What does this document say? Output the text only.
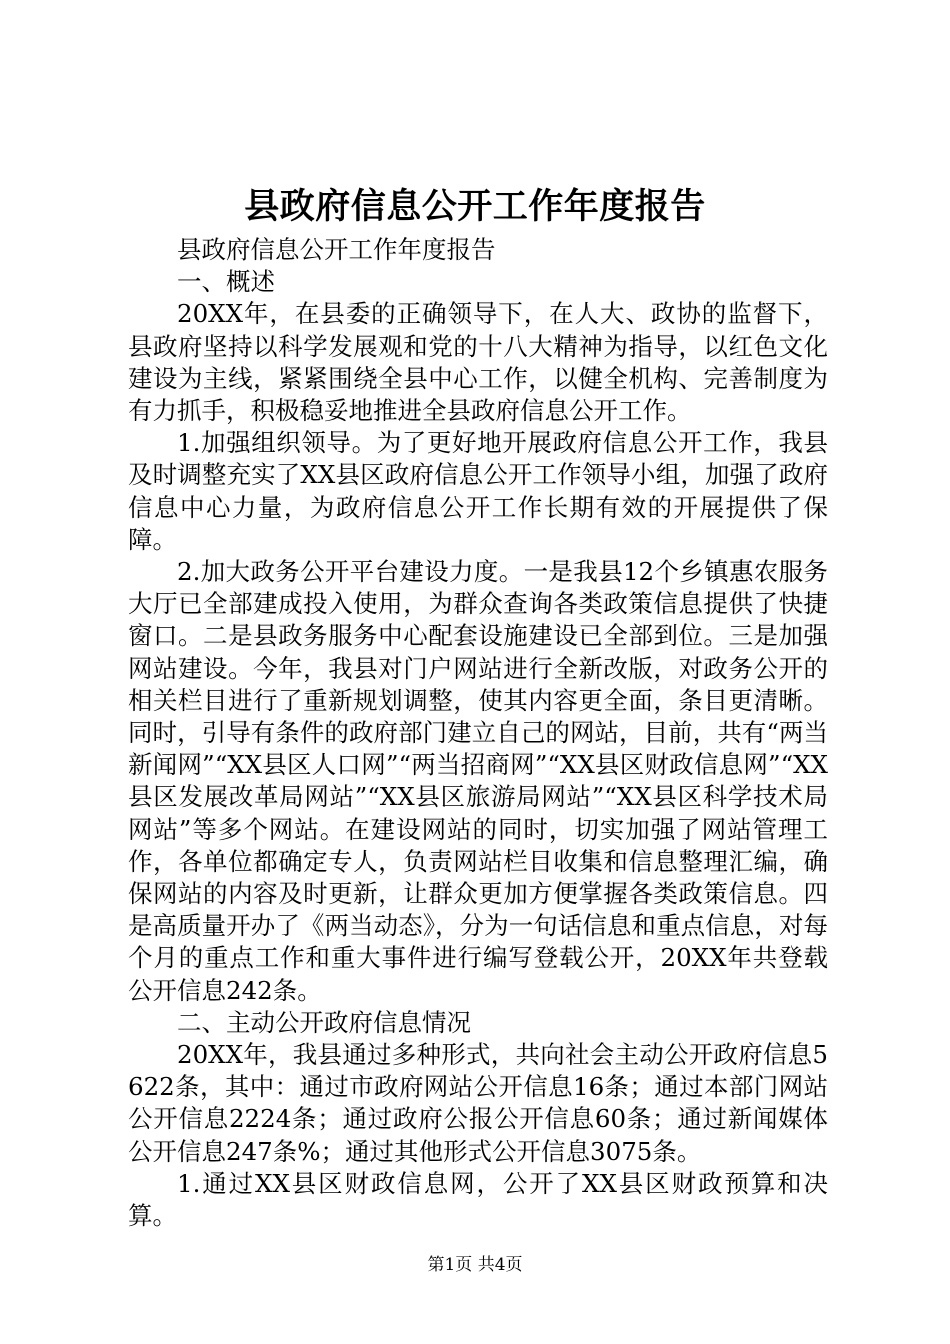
县政府信息公开工作年度报告

县政府信息公开工作年度报告

一、概述

20XX年，在县委的正确领导下，在人大、政协的监督下，县政府坚持以科学发展观和党的十八大精神为指导，以红色文化建设为主线，紧紧围绕全县中心工作，以健全机构、完善制度为有力抓手，积极稳妥地推进全县政府信息公开工作。

1.加强组织领导。为了更好地开展政府信息公开工作，我县及时调整充实了XX县区政府信息公开工作领导小组，加强了政府信息中心力量，为政府信息公开工作长期有效的开展提供了保障。

2.加大政务公开平台建设力度。一是我县12个乡镇惠农服务大厅已全部建成投入使用，为群众查询各类政策信息提供了快捷窗口。二是县政务服务中心配套设施建设已全部到位。三是加强网站建设。今年，我县对门户网站进行全新改版，对政务公开的相关栏目进行了重新规划调整，使其内容更全面，条目更清晰。同时，引导有条件的政府部门建立自己的网站，目前，共有“两当新闻网”“XX县区人口网”“两当招商网”“XX县区财政信息网”“XX县区发展改革局网站”“XX县区旅游局网站”“XX县区科学技术局网站”等多个网站。在建设网站的同时，切实加强了网站管理工作，各单位都确定专人，负责网站栏目收集和信息整理汇编，确保网站的内容及时更新，让群众更加方便掌握各类政策信息。四是高质量开办了《两当动态》，分为一句话信息和重点信息，对每个月的重点工作和重大事件进行编写登载公开，20XX年共登载公开信息242条。

二、主动公开政府信息情况

20XX年，我县通过多种形式，共向社会主动公开政府信息5622条，其中：通过市政府网站公开信息16条；通过本部门网站公开信息2224条；通过政府公报公开信息60条；通过新闻媒体公开信息247条%；通过其他形式公开信息3075条。

1.通过XX县区财政信息网，公开了XX县区财政预算和决算。

第1页 共4页
